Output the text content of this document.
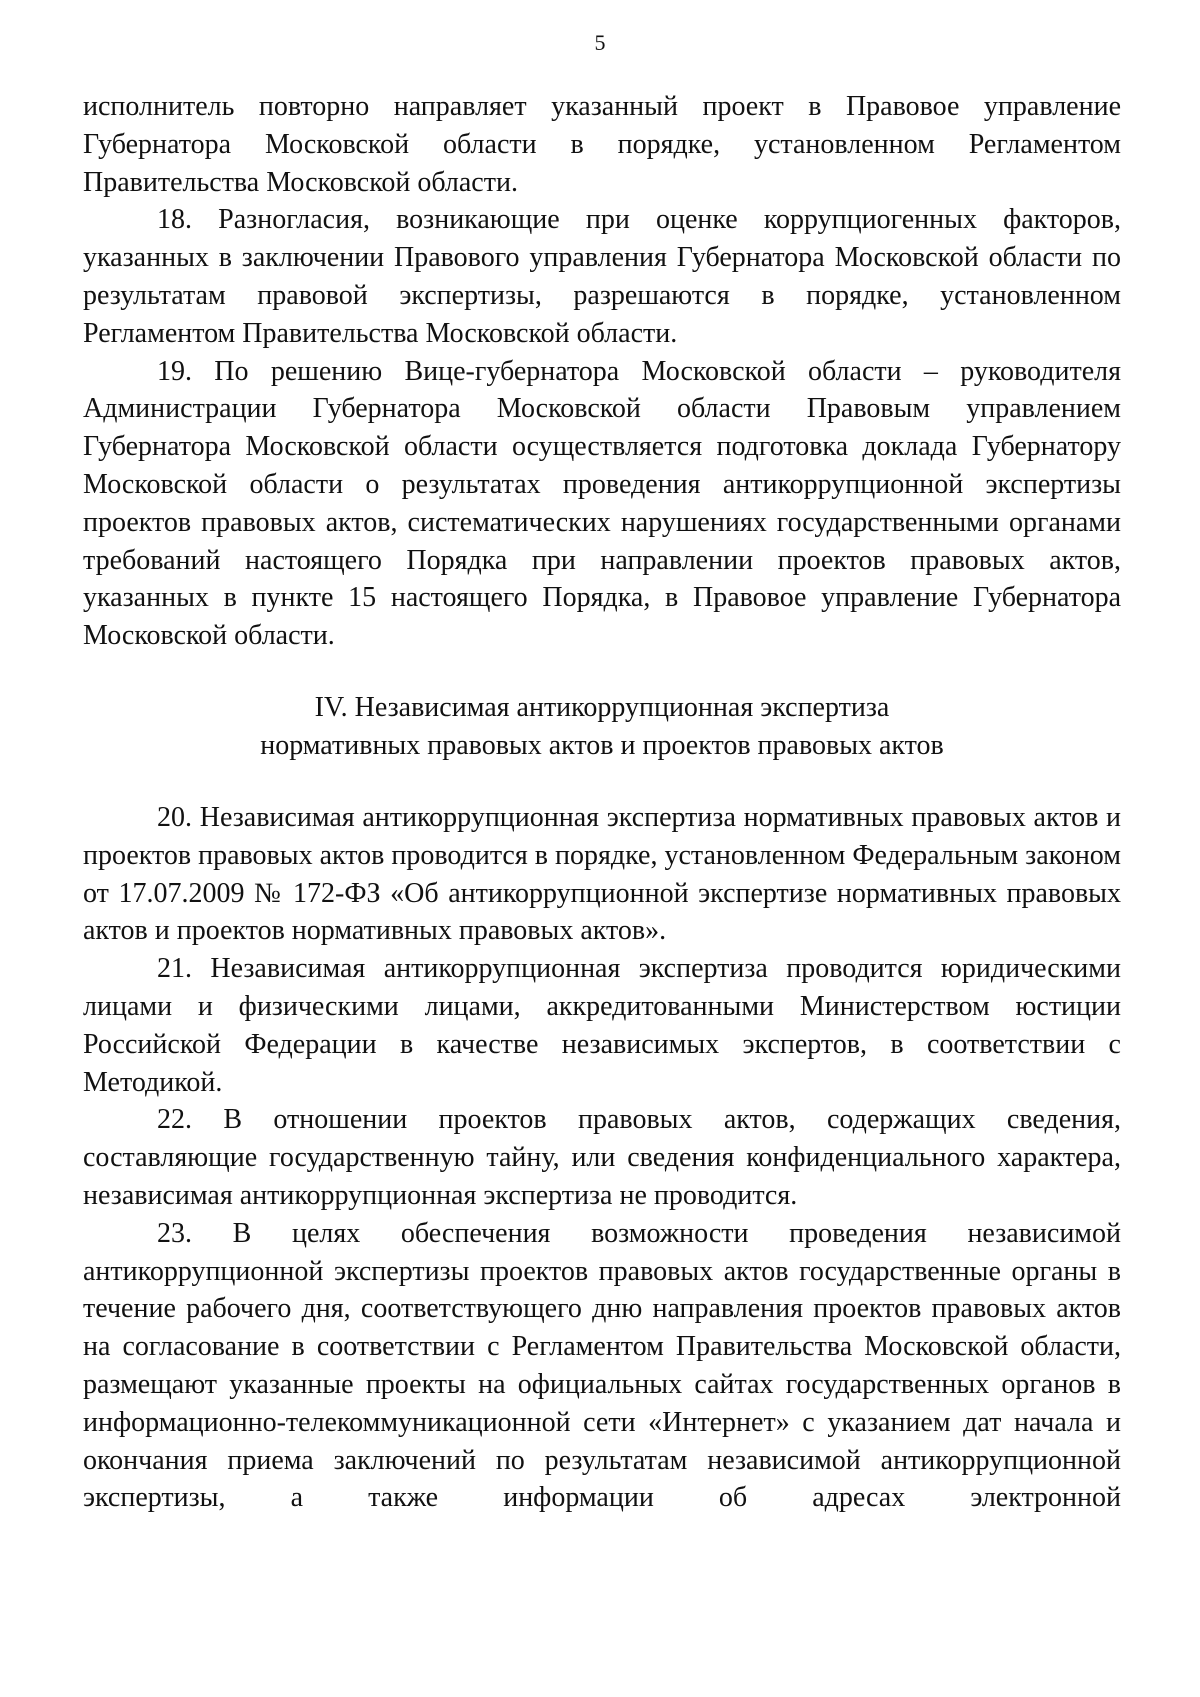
5

исполнитель повторно направляет указанный проект в Правовое управление Губернатора Московской области в порядке, установленном Регламентом Правительства Московской области.

18. Разногласия, возникающие при оценке коррупциогенных факторов, указанных в заключении Правового управления Губернатора Московской области по результатам правовой экспертизы, разрешаются в порядке, установленном Регламентом Правительства Московской области.

19. По решению Вице-губернатора Московской области – руководителя Администрации Губернатора Московской области Правовым управлением Губернатора Московской области осуществляется подготовка доклада Губернатору Московской области о результатах проведения антикоррупционной экспертизы проектов правовых актов, систематических нарушениях государственными органами требований настоящего Порядка при направлении проектов правовых актов, указанных в пункте 15 настоящего Порядка, в Правовое управление Губернатора Московской области.

IV. Независимая антикоррупционная экспертиза
нормативных правовых актов и проектов правовых актов

20. Независимая антикоррупционная экспертиза нормативных правовых актов и проектов правовых актов проводится в порядке, установленном Федеральным законом от 17.07.2009 № 172-ФЗ «Об антикоррупционной экспертизе нормативных правовых актов и проектов нормативных правовых актов».

21. Независимая антикоррупционная экспертиза проводится юридическими лицами и физическими лицами, аккредитованными Министерством юстиции Российской Федерации в качестве независимых экспертов, в соответствии с Методикой.

22. В отношении проектов правовых актов, содержащих сведения, составляющие государственную тайну, или сведения конфиденциального характера, независимая антикоррупционная экспертиза не проводится.

23. В целях обеспечения возможности проведения независимой антикоррупционной экспертизы проектов правовых актов государственные органы в течение рабочего дня, соответствующего дню направления проектов правовых актов на согласование в соответствии с Регламентом Правительства Московской области, размещают указанные проекты на официальных сайтах государственных органов в информационно-телекоммуникационной сети «Интернет» с указанием дат начала и окончания приема заключений по результатам независимой антикоррупционной экспертизы, а также информации об адресах электронной
